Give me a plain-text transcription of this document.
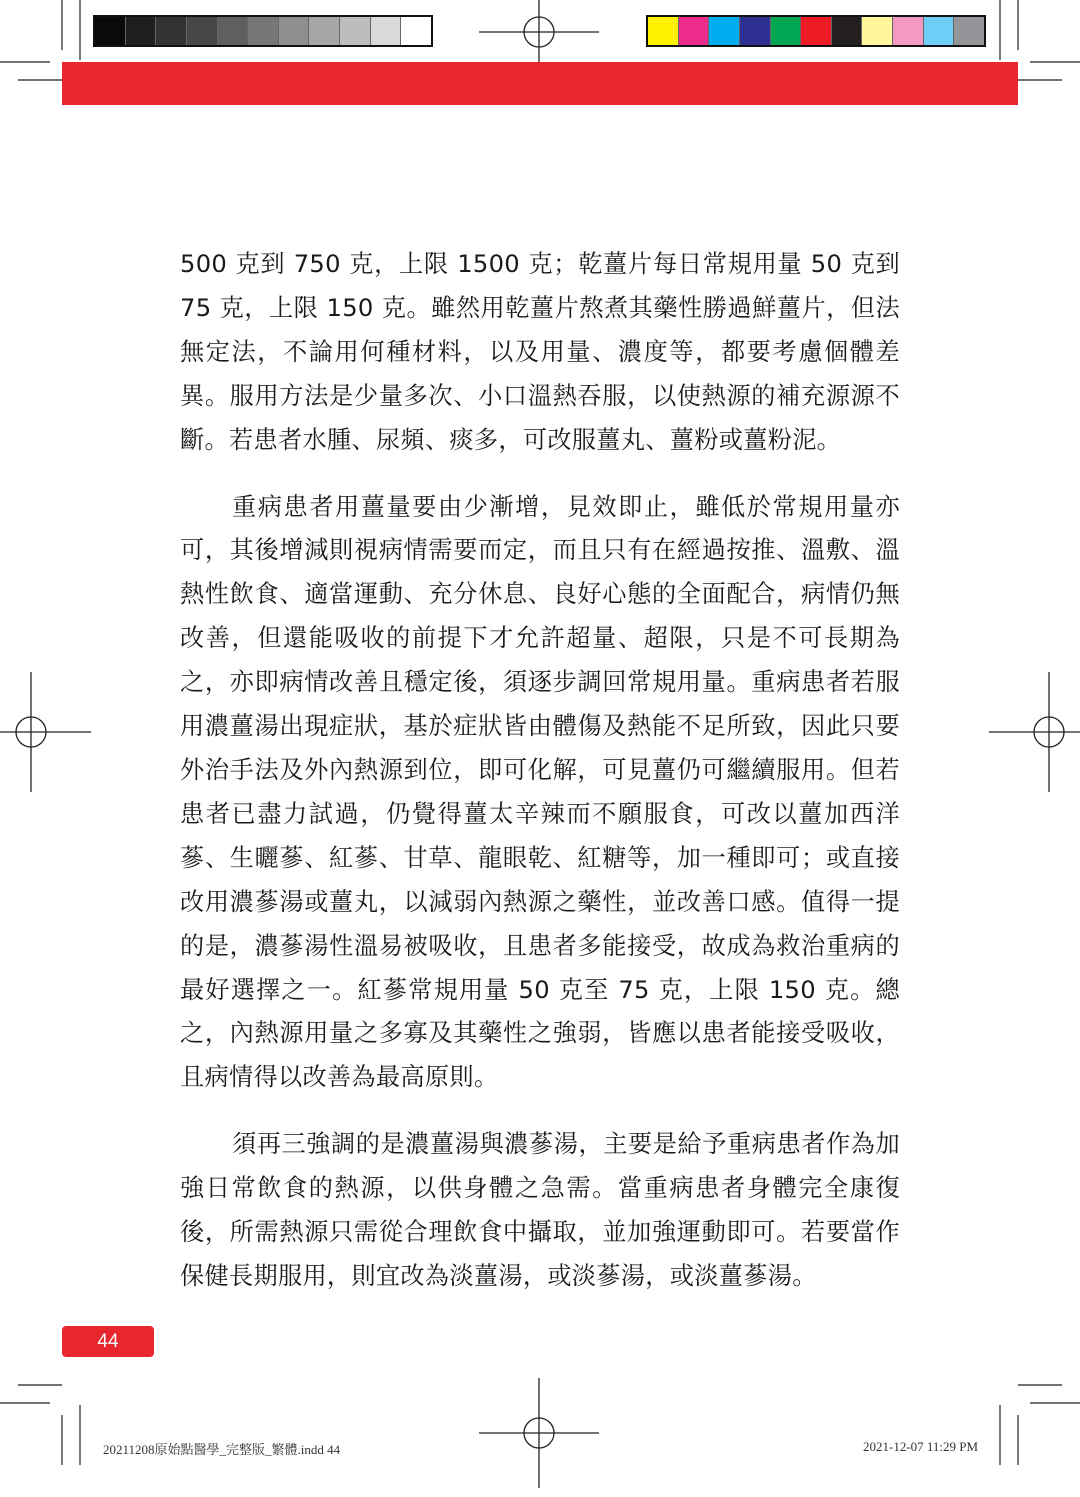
500 克到 750 克，上限 1500 克；乾薑片每日常規用量 50 克到 75 克，上限 150 克。雖然用乾薑片熬煮其藥性勝過鮮薑片，但法無定法，不論用何種材料，以及用量、濃度等，都要考慮個體差異。服用方法是少量多次、小口溫熱吞服，以使熱源的補充源源不斷。若患者水腫、尿頻、痰多，可改服薑丸、薑粉或薑粉泥。

重病患者用薑量要由少漸增，見效即止，雖低於常規用量亦可，其後增減則視病情需要而定，而且只有在經過按推、溫敷、溫熱性飲食、適當運動、充分休息、良好心態的全面配合，病情仍無改善，但還能吸收的前提下才允許超量、超限，只是不可長期為之，亦即病情改善且穩定後，須逐步調回常規用量。重病患者若服用濃薑湯出現症狀，基於症狀皆由體傷及熱能不足所致，因此只要外治手法及外內熱源到位，即可化解，可見薑仍可繼續服用。但若患者已盡力試過，仍覺得薑太辛辣而不願服食，可改以薑加西洋蔘、生曬蔘、紅蔘、甘草、龍眼乾、紅糖等，加一種即可；或直接改用濃蔘湯或薑丸，以減弱內熱源之藥性，並改善口感。值得一提的是，濃蔘湯性溫易被吸收，且患者多能接受，故成為救治重病的最好選擇之一。紅蔘常規用量 50 克至 75 克，上限 150 克。總之，內熱源用量之多寡及其藥性之強弱，皆應以患者能接受吸收，且病情得以改善為最高原則。

須再三強調的是濃薑湯與濃蔘湯，主要是給予重病患者作為加強日常飲食的熱源，以供身體之急需。當重病患者身體完全康復後，所需熱源只需從合理飲食中攝取，並加強運動即可。若要當作保健長期服用，則宜改為淡薑湯，或淡蔘湯，或淡薑蔘湯。

44
20211208原始點醫學_完整版_繁體.indd 44	2021-12-07 11:29 PM
